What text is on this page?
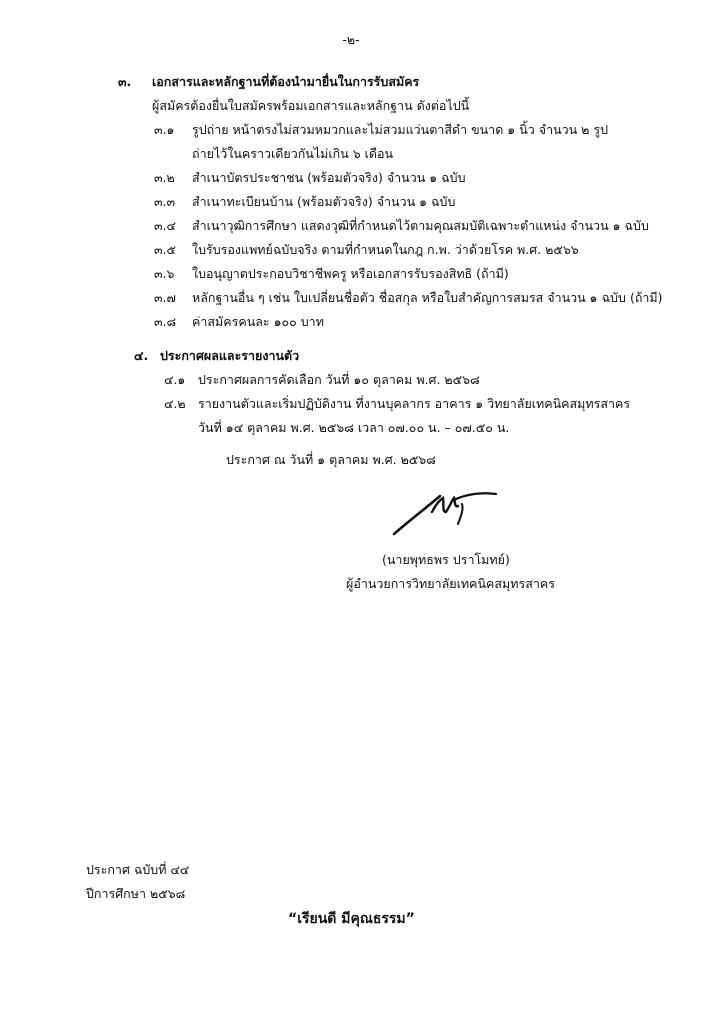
-๒-
๓. เอกสารและหลักฐานที่ต้องนำมายื่นในการรับสมัคร
ผู้สมัครต้องยื่นใบสมัครพร้อมเอกสารและหลักฐาน ดังต่อไปนี้
๓.๑ รูปถ่าย หน้าตรงไม่สวมหมวกและไม่สวมแว่นตาสีดำ ขนาด ๑ นิ้ว จำนวน ๒ รูป
ถ่ายไว้ในคราวเดียวกันไม่เกิน ๖ เดือน
๓.๒ สำเนาบัตรประชาชน (พร้อมตัวจริง) จำนวน ๑ ฉบับ
๓.๓ สำเนาทะเบียนบ้าน (พร้อมตัวจริง) จำนวน ๑ ฉบับ
๓.๔ สำเนาวุฒิการศึกษา แสดงวุฒิที่กำหนดไว้ตามคุณสมบัติเฉพาะตำแหน่ง จำนวน ๑ ฉบับ
๓.๕ ใบรับรองแพทย์ฉบับจริง ตามที่กำหนดในกฎ ก.พ. ว่าด้วยโรค พ.ศ. ๒๕๖๖
๓.๖ ใบอนุญาตประกอบวิชาชีพครู หรือเอกสารรับรองสิทธิ (ถ้ามี)
๓.๗ หลักฐานอื่น ๆ เช่น ใบเปลี่ยนชื่อตัว ชื่อสกุล หรือใบสำคัญการสมรส จำนวน ๑ ฉบับ (ถ้ามี)
๓.๘ ค่าสมัครคนละ ๑๐๐ บาท
๔. ประกาศผลและรายงานตัว
๔.๑ ประกาศผลการคัดเลือก วันที่ ๑๐ ตุลาคม พ.ศ. ๒๕๖๘
๔.๒ รายงานตัวและเริ่มปฏิบัติงาน ที่งานบุคลากร อาคาร ๑ วิทยาลัยเทคนิคสมุทรสาคร
วันที่ ๑๔ ตุลาคม พ.ศ. ๒๕๖๘ เวลา ๐๗.๐๐ น. – ๐๗.๕๐ น.
ประกาศ ณ วันที่ ๑ ตุลาคม พ.ศ. ๒๕๖๘
(นายพุทธพร ปราโมทย์)
ผู้อำนวยการวิทยาลัยเทคนิคสมุทรสาคร
ประกาศ ฉบับที่ ๔๔
ปีการศึกษา ๒๕๖๘
“เรียนดี มีคุณธรรม”
